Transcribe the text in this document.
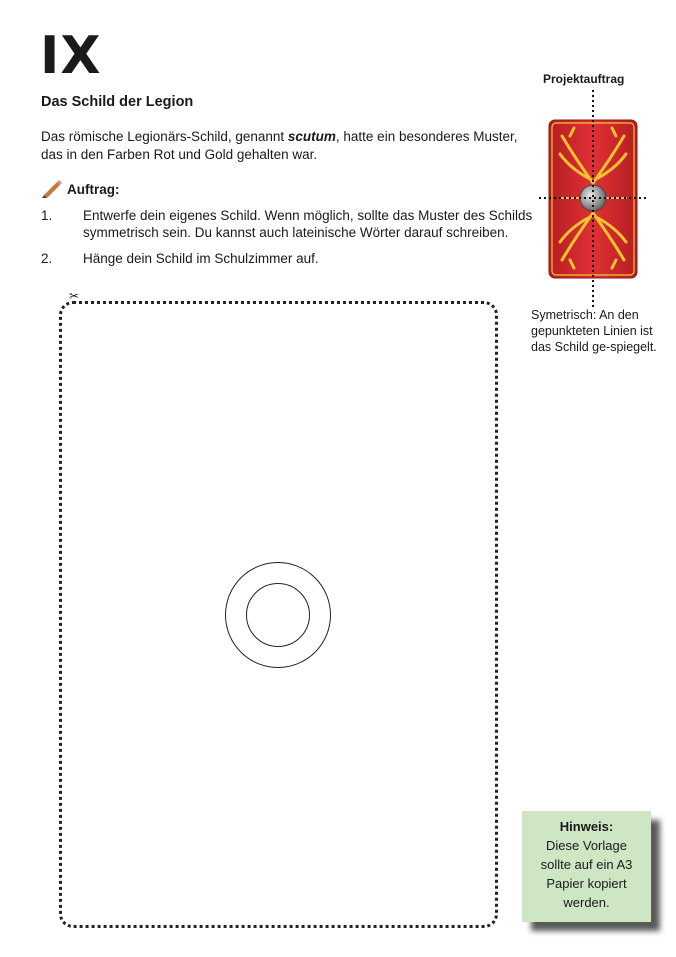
IX
Das Schild der Legion
Das römische Legionärs-Schild, genannt scutum, hatte ein besonderes Muster, das in den Farben Rot und Gold gehalten war.
Auftrag:
1.	Entwerfe dein eigenes Schild. Wenn möglich, sollte das Muster des Schilds symmetrisch sein. Du kannst auch lateinische Wörter darauf schreiben.
2.	Hänge dein Schild im Schulzimmer auf.
Projektauftrag
Symetrisch: An den gepunkteten Linien ist das Schild ge-spiegelt.
✂
Hinweis:
Diese Vorlage sollte auf ein A3 Papier kopiert werden.
